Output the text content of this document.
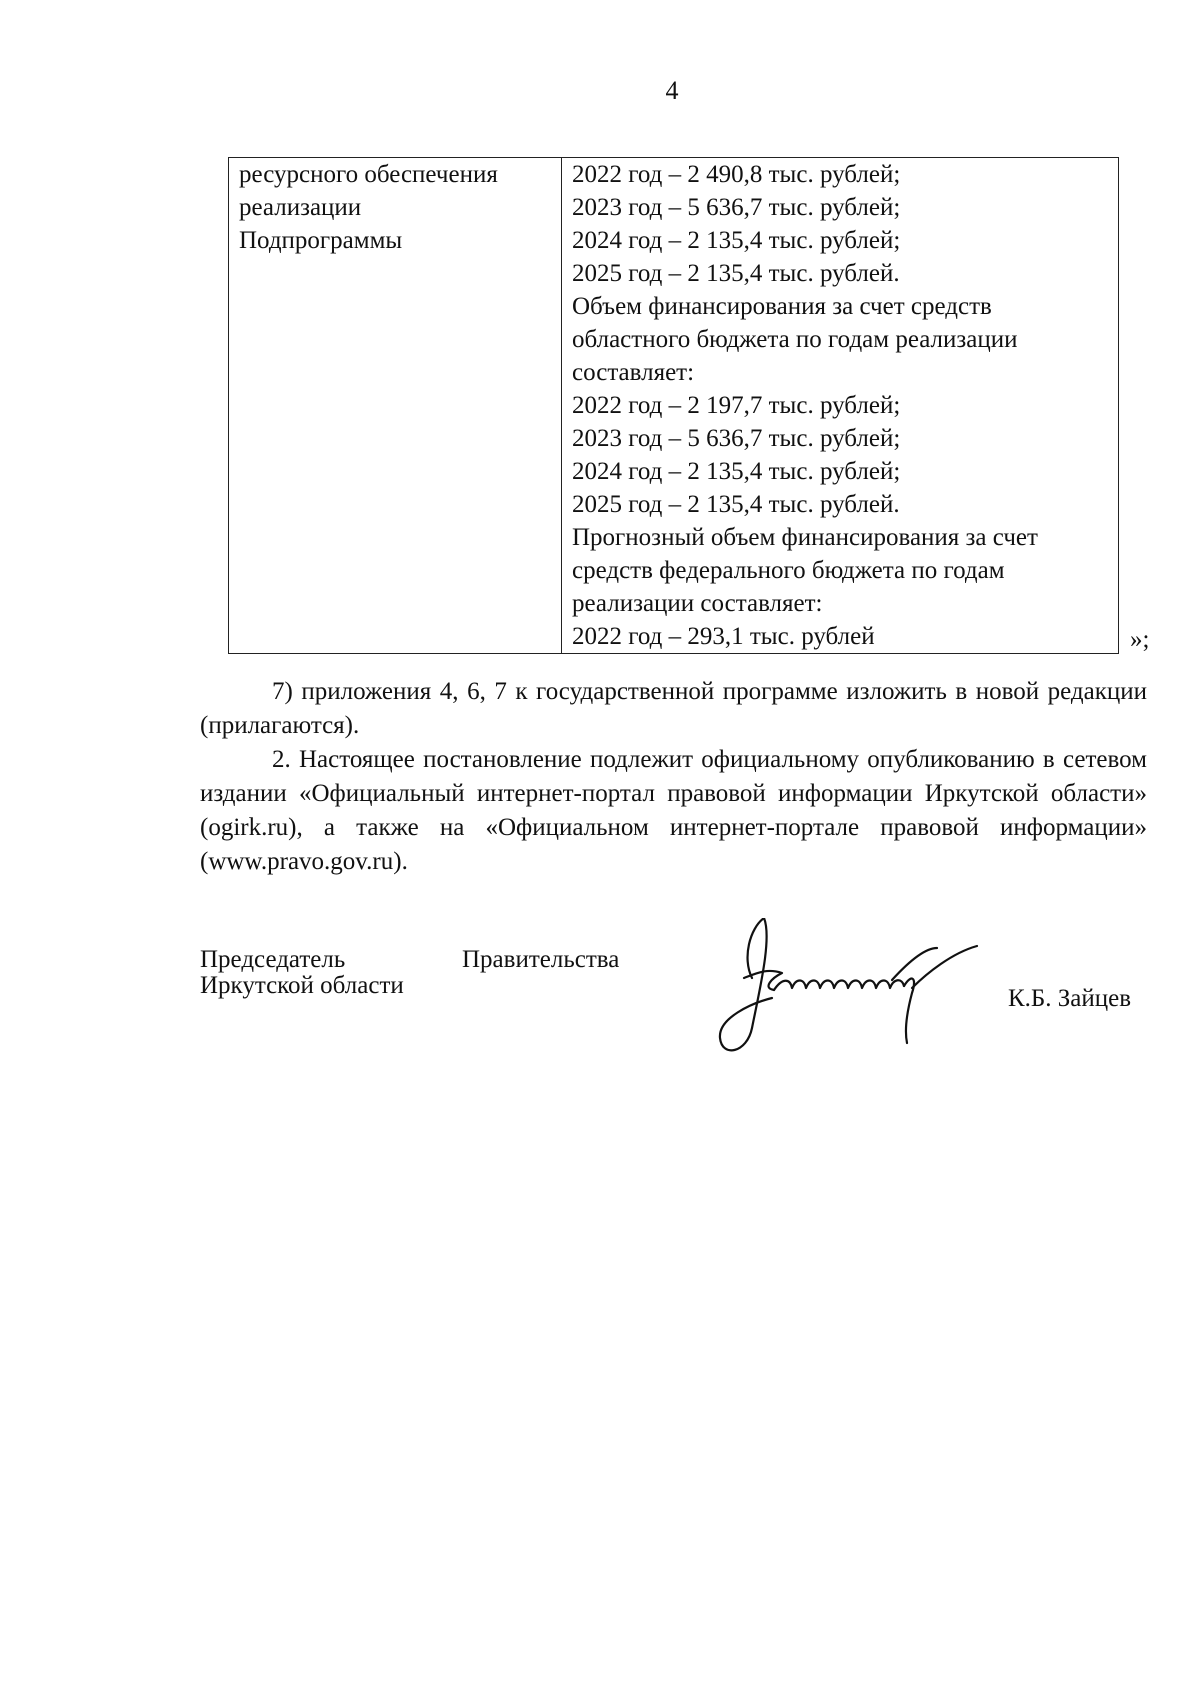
4
ресурсного обеспечения
реализации
Подпрограммы

2022 год – 2 490,8 тыс. рублей;
2023 год – 5 636,7 тыс. рублей;
2024 год – 2 135,4 тыс. рублей;
2025 год – 2 135,4 тыс. рублей.
Объем финансирования за счет средств
областного бюджета по годам реализации
составляет:
2022 год – 2 197,7 тыс. рублей;
2023 год – 5 636,7 тыс. рублей;
2024 год – 2 135,4 тыс. рублей;
2025 год – 2 135,4 тыс. рублей.
Прогнозный объем финансирования за счет
средств федерального бюджета по годам
реализации составляет:
2022 год – 293,1 тыс. рублей	»;

7) приложения 4, 6, 7 к государственной программе изложить в новой редакции (прилагаются).

2. Настоящее постановление подлежит официальному опубликованию в сетевом издании «Официальный интернет-портал правовой информации Иркутской области» (ogirk.ru), а также на «Официальном интернет-портале правовой информации» (www.pravo.gov.ru).

Председатель	Правительства
Иркутской области	К.Б. Зайцев
